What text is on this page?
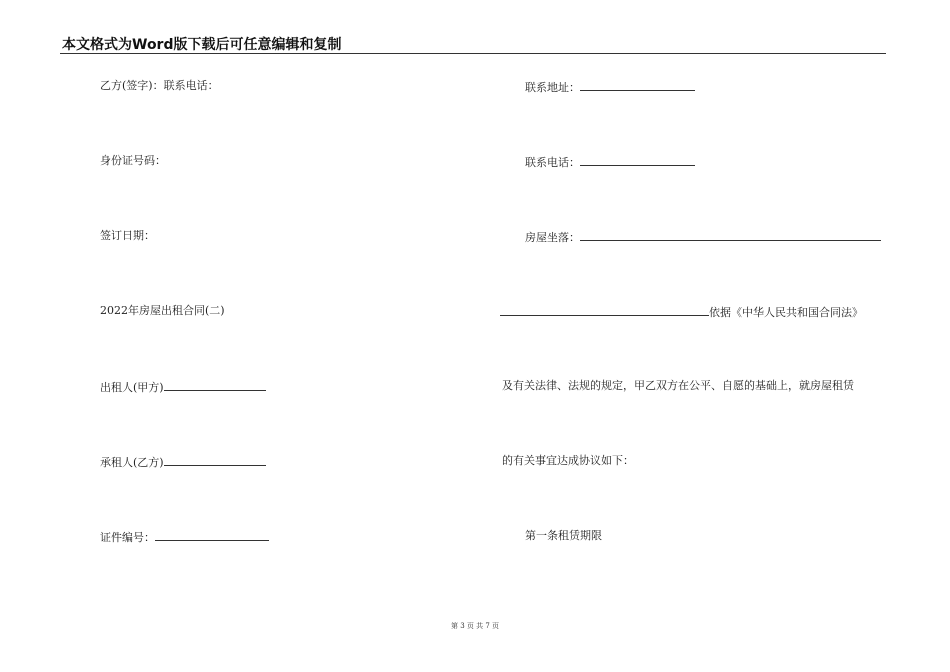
本文格式为Word版下载后可任意编辑和复制
乙方(签字)：联系电话：
身份证号码：
签订日期：
2022年房屋出租合同(二)
出租人(甲方)
承租人(乙方)
证件编号：
联系地址：
联系电话：
房屋坐落：
依据《中华人民共和国合同法》
及有关法律、法规的规定，甲乙双方在公平、自愿的基础上，就房屋租赁
的有关事宜达成协议如下：
第一条租赁期限
第 3 页 共 7 页
